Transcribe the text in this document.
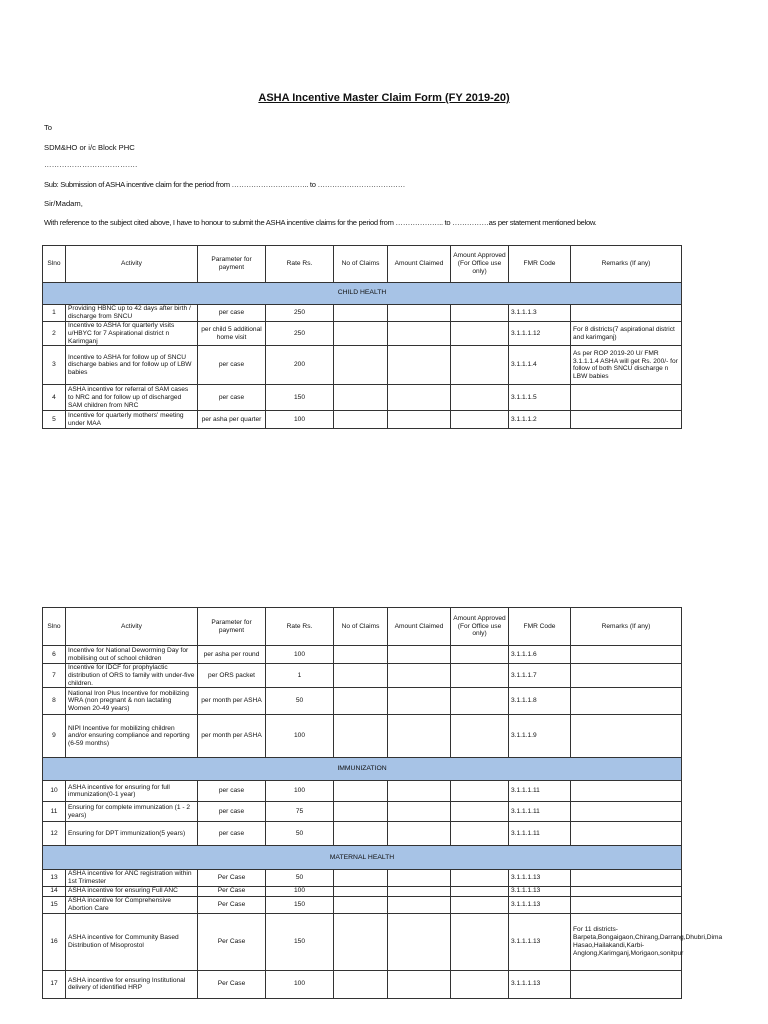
ASHA Incentive Master Claim Form (FY 2019-20)
To
SDM&HO or i/c Block PHC
……………………………….
Sub: Submission of ASHA incentive claim for the period from ………………………….. to ………………………………
Sir/Madam,
With reference to the subject cited above, I have to honour to submit the ASHA incentive claims for the period from ……………….. to ……………as per statement mentioned below.
Slno	Activity	Parameter for payment	Rate Rs.	No of Claims	Amount Claimed	Amount Approved (For Office use only)	FMR Code	Remarks (If any)
CHILD HEALTH								
1	Providing HBNC up to 42 days after birth / discharge from SNCU	per case	250				3.1.1.1.3	
2	Incentive to ASHA for quarterly visits u/HBYC for 7 Aspirational district n Karimganj	per child 5 additional home visit	250				3.1.1.1.12	For 8 districts(7 aspirational district and karimganj)
3	Incentive to ASHA for follow up of SNCU discharge babies and for follow up of LBW babies	per case	200				3.1.1.1.4	As per ROP 2019-20 U/ FMR 3.1.1.1.4 ASHA will get Rs. 200/- for follow of both SNCU discharge n LBW babies
4	ASHA incentive for referral of SAM cases to NRC and for follow up of discharged SAM children from NRC	per case	150				3.1.1.1.5	
5	Incentive for quarterly mothers' meeting under MAA	per asha per quarter	100				3.1.1.1.2	
Slno	Activity	Parameter for payment	Rate Rs.	No of Claims	Amount Claimed	Amount Approved (For Office use only)	FMR Code	Remarks (If any)
6	Incentive for National Deworming Day for mobilising out of school children	per asha per round	100				3.1.1.1.6	
7	Incentive for IDCF for prophylactic distribution of ORS to family with under-five children.	per ORS packet	1				3.1.1.1.7	
8	National Iron Plus Incentive for mobilizing WRA (non pregnant & non lactating Women 20-49 years)	per month per ASHA	50				3.1.1.1.8	
9	NIPI Incentive for mobilizing children and/or ensuring compliance and reporting (6-59 months)	per month per ASHA	100				3.1.1.1.9	
IMMUNIZATION								
10	ASHA incentive for ensuring for full immunization(0-1 year)	per case	100				3.1.1.1.11	
11	Ensuring for complete immunization (1 - 2 years)	per case	75				3.1.1.1.11	
12	Ensuring for DPT immunization(5 years)	per case	50				3.1.1.1.11	
MATERNAL HEALTH								
13	ASHA incentive for ANC registration within 1st Trimester	Per Case	50				3.1.1.1.13	
14	ASHA incentive for ensuring Full ANC	Per Case	100				3.1.1.1.13	
15	ASHA incentive for Comprehensive Abortion Care	Per Case	150				3.1.1.1.13	
16	ASHA incentive for Community Based Distribution of Misoprostol	Per Case	150				3.1.1.1.13	For 11 districts-Barpeta,Bongaigaon,Chirang,Darrang,Dhubri,Dima Hasao,Hailakandi,Karbi-Anglong,Karimganj,Morigaon,sonitpur
17	ASHA incentive for ensuring Institutional delivery of identified HRP	Per Case	100				3.1.1.1.13	
